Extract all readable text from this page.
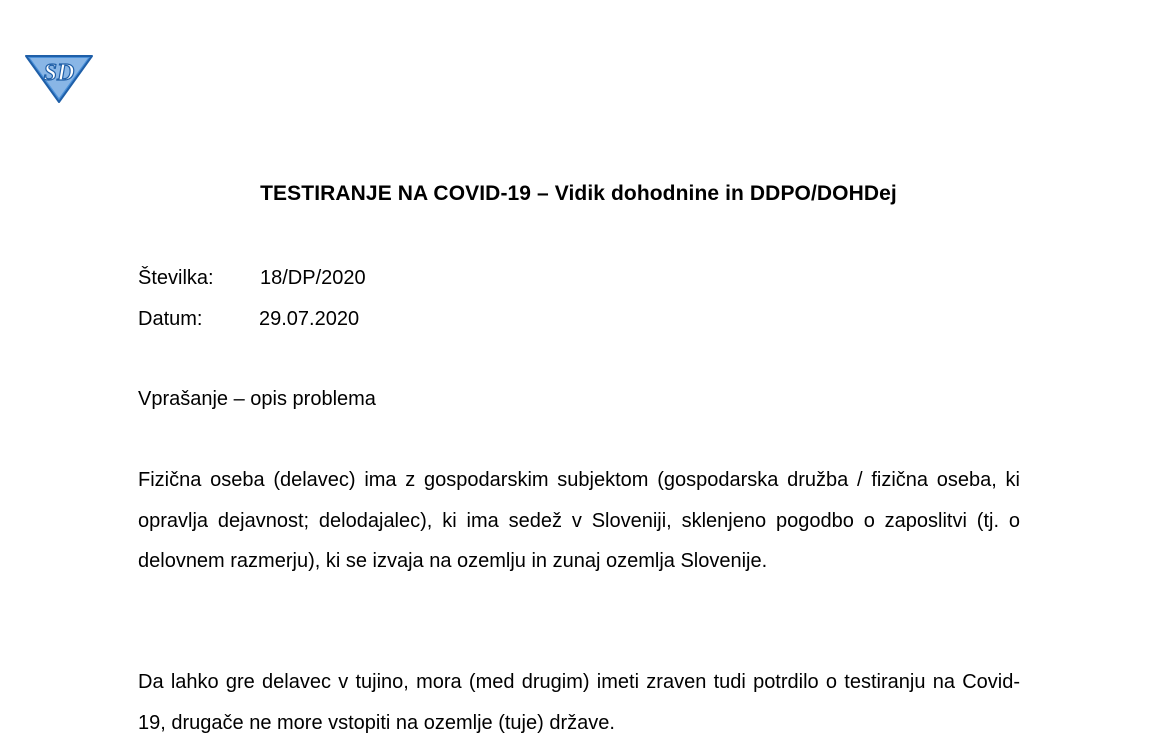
SD
TESTIRANJE NA COVID-19 – Vidik dohodnine in DDPO/DOHDej
Številka: 18/DP/2020
Datum:	29.07.2020
Vprašanje – opis problema

Fizična oseba (delavec) ima z gospodarskim subjektom (gospodarska družba / fizična oseba, ki opravlja dejavnost; delodajalec), ki ima sedež v Sloveniji, sklenjeno pogodbo o zaposlitvi (tj. o delovnem razmerju), ki se izvaja na ozemlju in zunaj ozemlja Slovenije.

Da lahko gre delavec v tujino, mora (med drugim) imeti zraven tudi potrdilo o testiranju na Covid-19, drugače ne more vstopiti na ozemlje (tuje) države.
